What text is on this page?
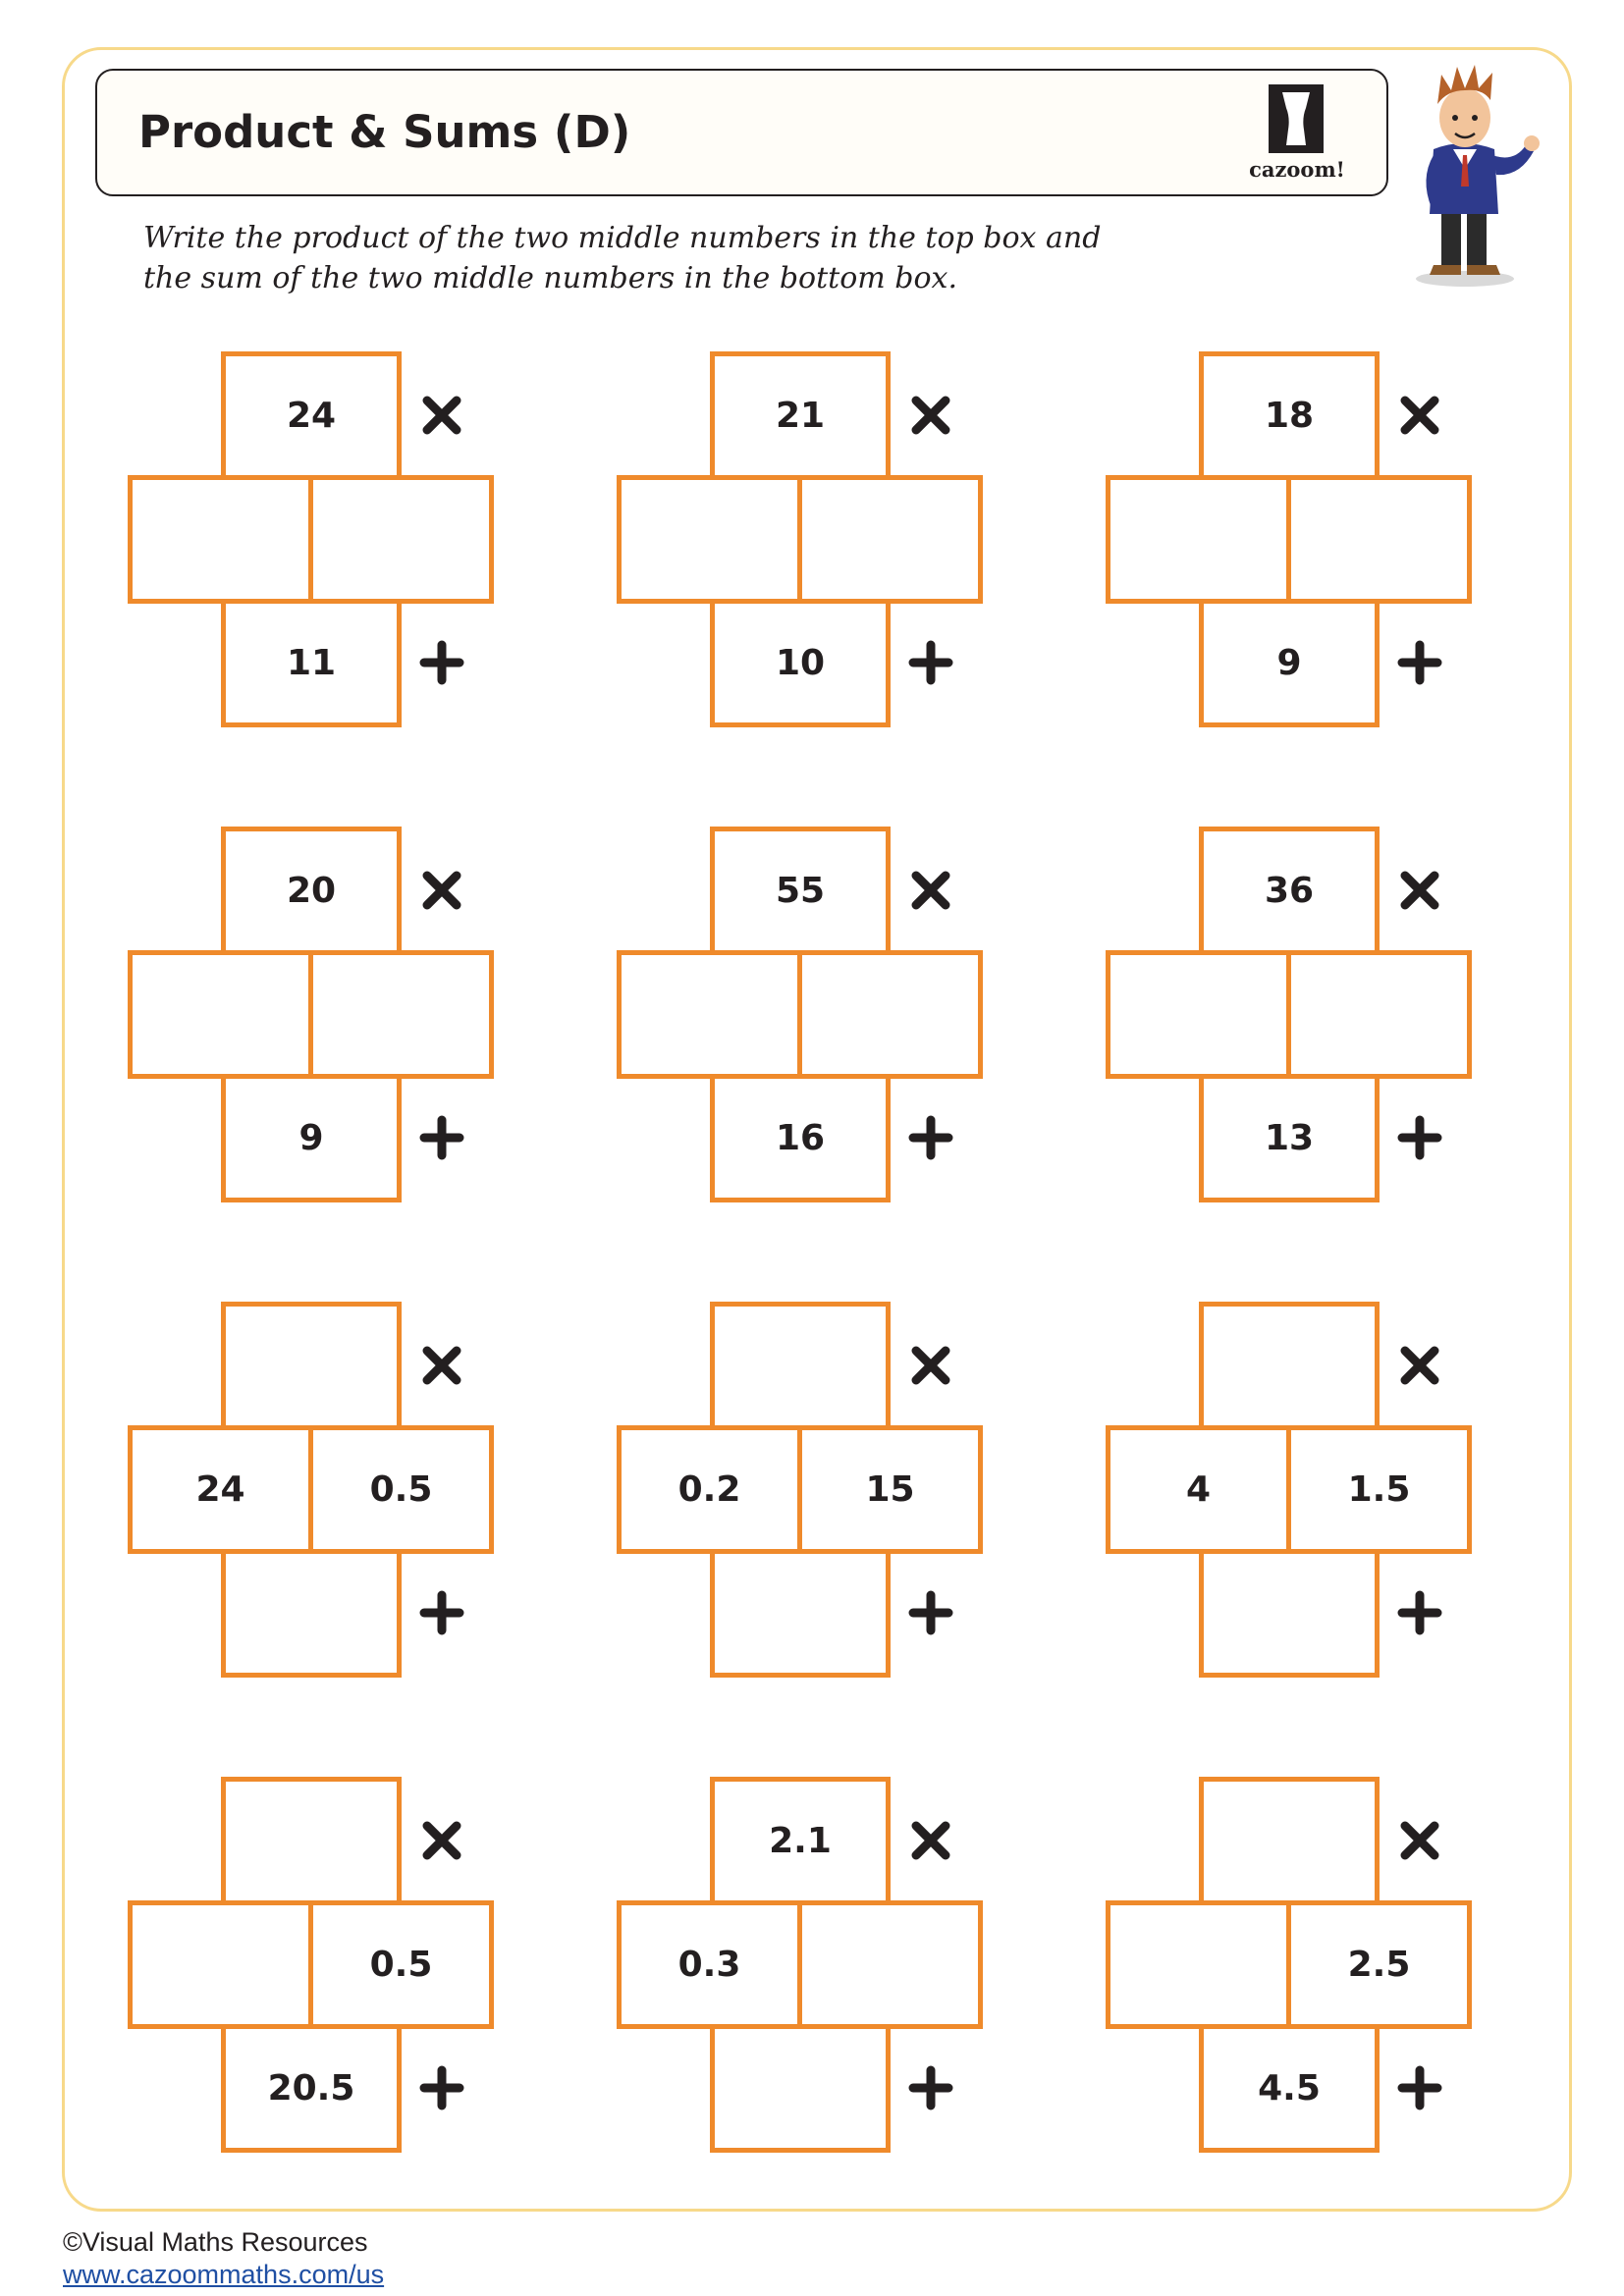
Product & Sums (D)
cazoom!
Write the product of the two middle numbers in the top box and
the sum of the two middle numbers in the bottom box.
24
11
21
10
18
9
20
9
55
16
36
13
24	0.5	0.2	15	4	1.5
0.5
20.5
2.1
0.3	2.5
4.5
©Visual Maths Resources
www.cazoommaths.com/us
